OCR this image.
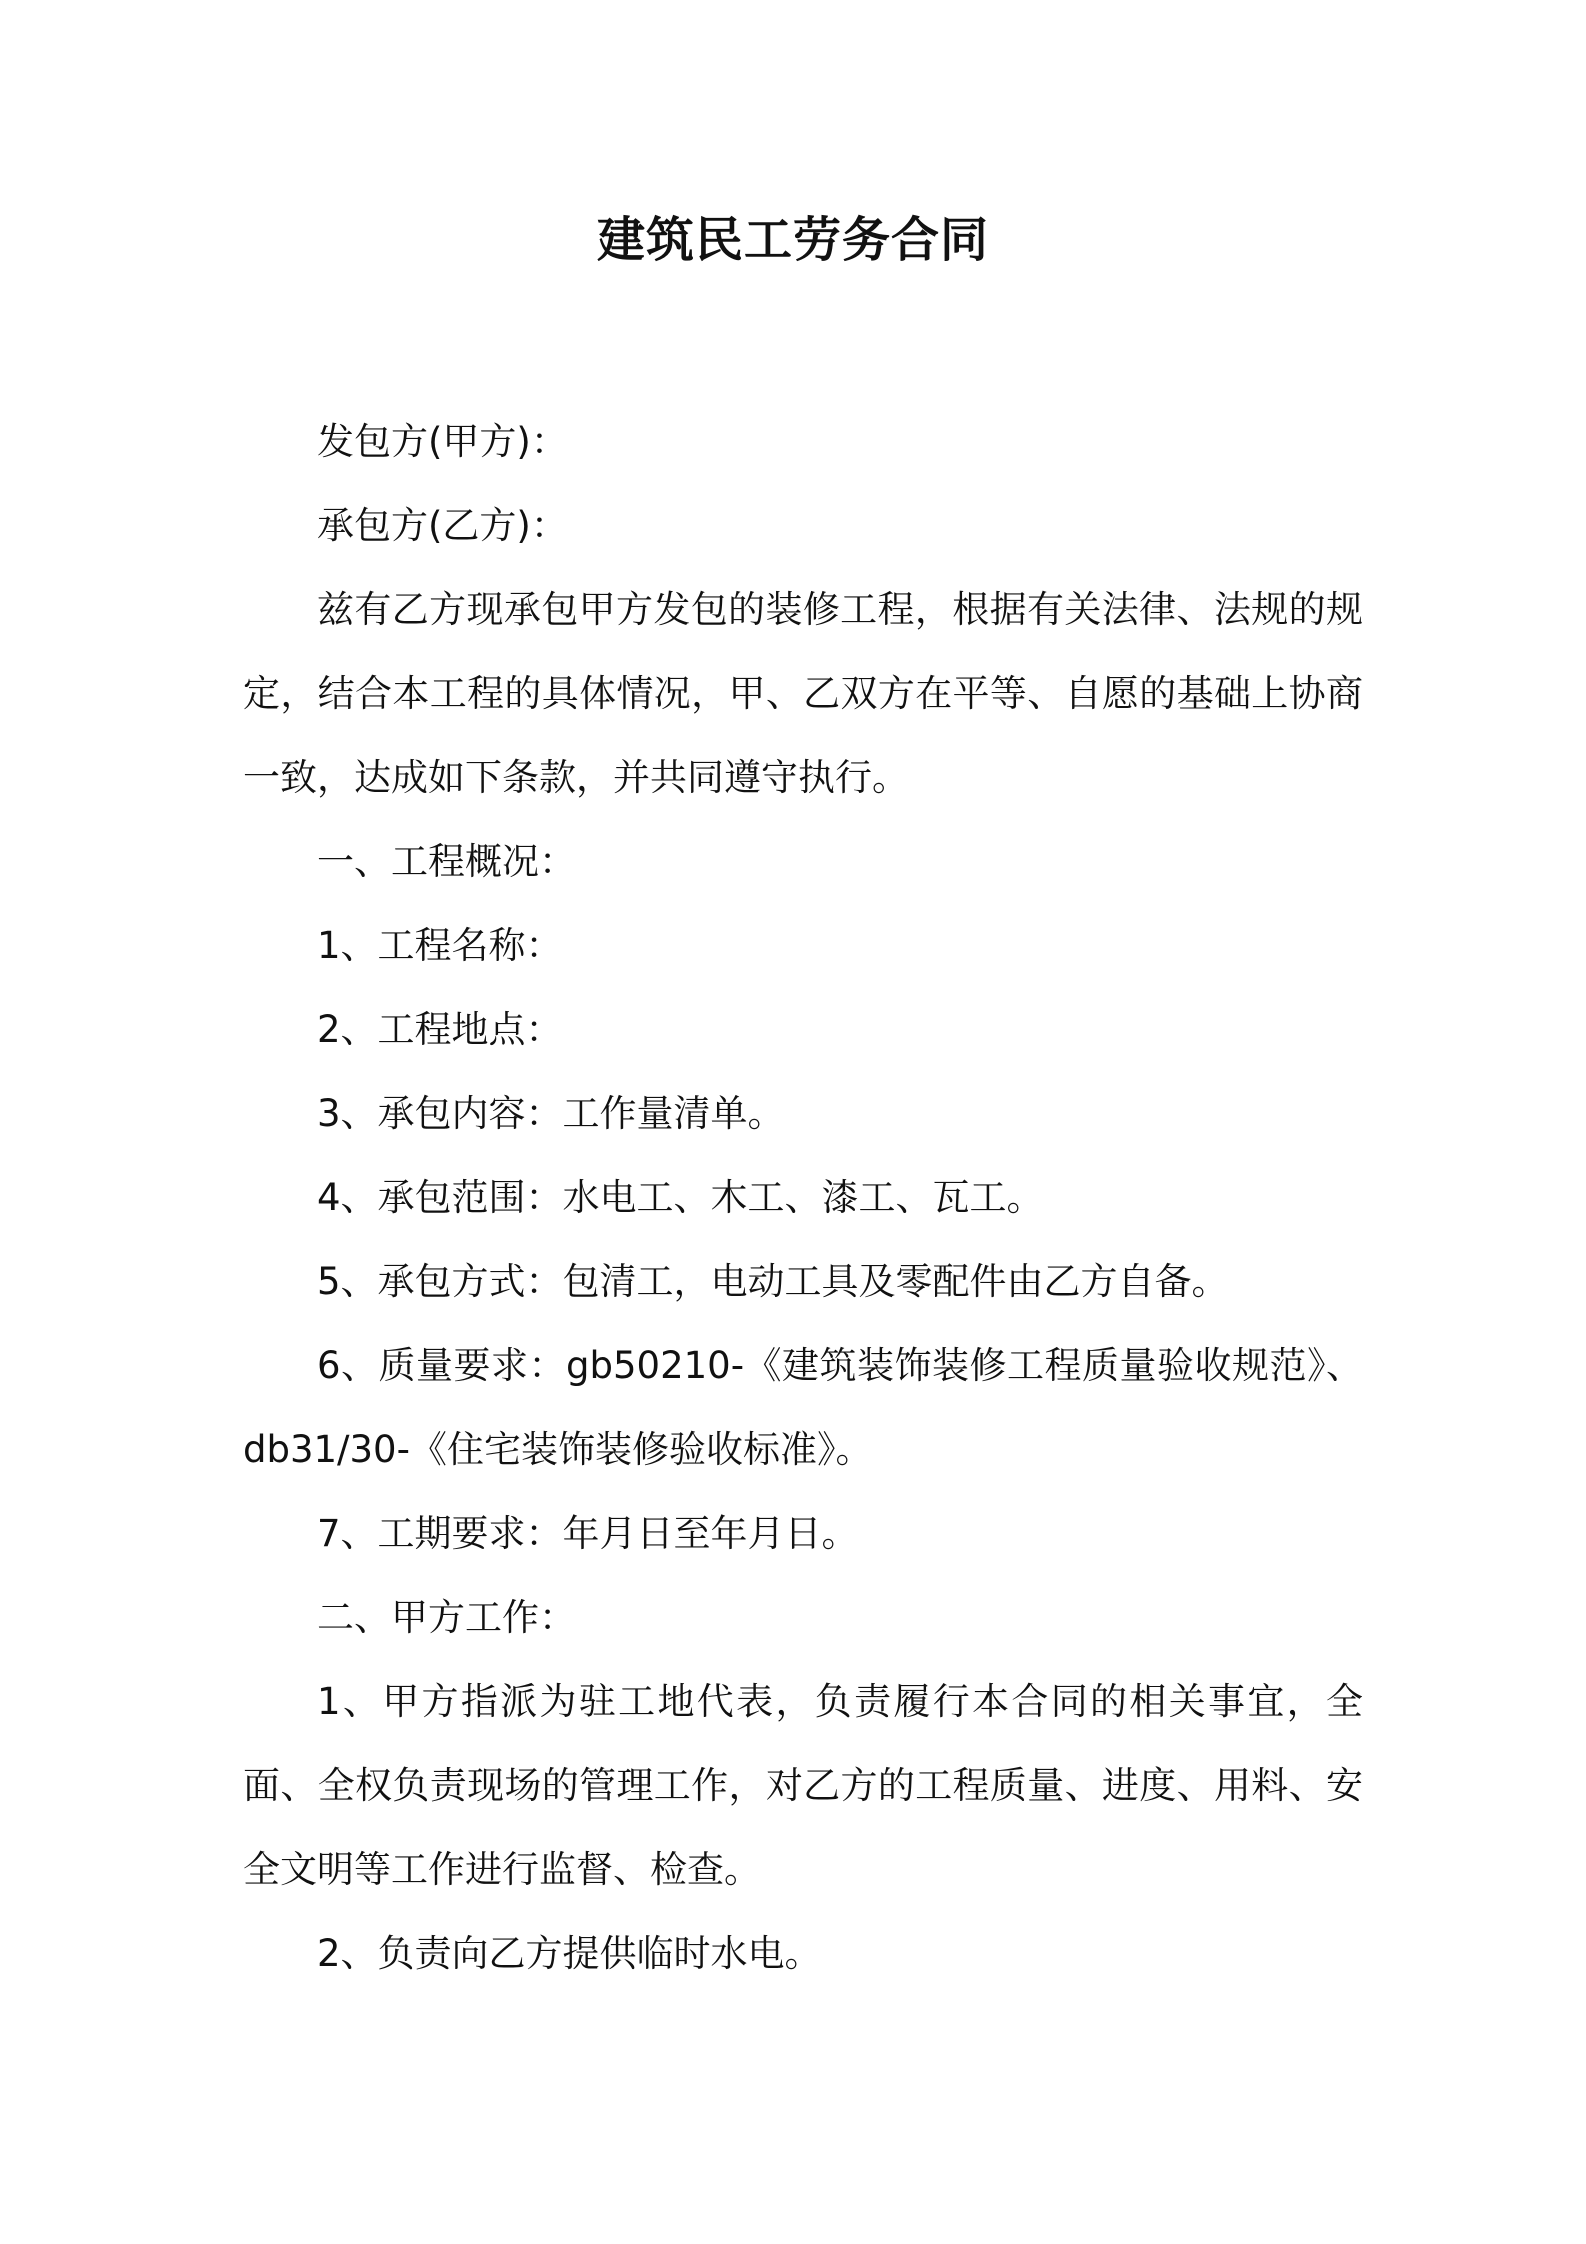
建筑民工劳务合同

发包方(甲方)：

承包方(乙方)：

兹有乙方现承包甲方发包的装修工程，根据有关法律、法规的规定，结合本工程的具体情况，甲、乙双方在平等、自愿的基础上协商一致，达成如下条款，并共同遵守执行。

一、工程概况：

1、工程名称：

2、工程地点：

3、承包内容：工作量清单。

4、承包范围：水电工、木工、漆工、瓦工。

5、承包方式：包清工，电动工具及零配件由乙方自备。

6、质量要求：gb50210-《建筑装饰装修工程质量验收规范》、db31/30-《住宅装饰装修验收标准》。

7、工期要求：年月日至年月日。

二、甲方工作：

1、甲方指派为驻工地代表，负责履行本合同的相关事宜，全面、全权负责现场的管理工作，对乙方的工程质量、进度、用料、安全文明等工作进行监督、检查。

2、负责向乙方提供临时水电。
